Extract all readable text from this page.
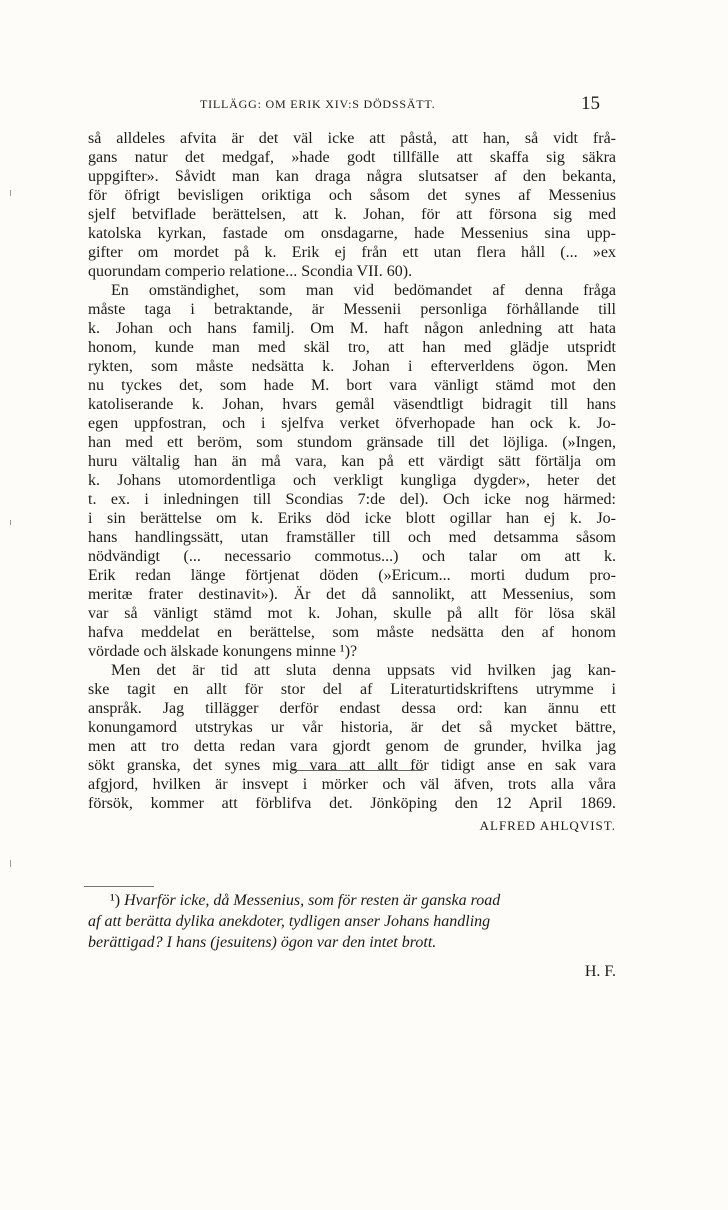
TILLÄGG: OM ERIK XIV:S DÖDSSÄTT.	15
så alldeles afvita är det väl icke att påstå, att han, så vidt frå-
gans natur det medgaf, »hade godt tillfälle att skaffa sig säkra
uppgifter». Såvidt man kan draga några slutsatser af den bekanta,
för öfrigt bevisligen oriktiga och såsom det synes af Messenius
sjelf betviflade berättelsen, att k. Johan, för att försona sig med
katolska kyrkan, fastade om onsdagarne, hade Messenius sina upp-
gifter om mordet på k. Erik ej från ett utan flera håll (... »ex
quorundam comperio relatione... Scondia VII. 60).
En omständighet, som man vid bedömandet af denna fråga
måste taga i betraktande, är Messenii personliga förhållande till
k. Johan och hans familj. Om M. haft någon anledning att hata
honom, kunde man med skäl tro, att han med glädje utspridt
rykten, som måste nedsätta k. Johan i efterverldens ögon. Men
nu tyckes det, som hade M. bort vara vänligt stämd mot den
katoliserande k. Johan, hvars gemål väsendtligt bidragit till hans
egen uppfostran, och i sjelfva verket öfverhopade han ock k. Jo-
han med ett beröm, som stundom gränsade till det löjliga. (»Ingen,
huru vältalig han än må vara, kan på ett värdigt sätt förtälja om
k. Johans utomordentliga och verkligt kungliga dygder», heter det
t. ex. i inledningen till Scondias 7:de del). Och icke nog härmed:
i sin berättelse om k. Eriks död icke blott ogillar han ej k. Jo-
hans handlingssätt, utan framställer till och med detsamma såsom
nödvändigt (... necessario commotus...) och talar om att k.
Erik redan länge förtjenat döden (»Ericum... morti dudum pro-
meritæ frater destinavit»). Är det då sannolikt, att Messenius, som
var så vänligt stämd mot k. Johan, skulle på allt för lösa skäl
hafva meddelat en berättelse, som måste nedsätta den af honom
vördade och älskade konungens minne ¹)?
Men det är tid att sluta denna uppsats vid hvilken jag kan-
ske tagit en allt för stor del af Literaturtidskriftens utrymme i
anspråk. Jag tillägger derför endast dessa ord: kan ännu ett
konungamord utstrykas ur vår historia, är det så mycket bättre,
men att tro detta redan vara gjordt genom de grunder, hvilka jag
sökt granska, det synes mig vara att allt för tidigt anse en sak vara
afgjord, hvilken är insvept i mörker och väl äfven, trots alla våra
försök, kommer att förblifva det. Jönköping den 12 April 1869.
ALFRED AHLQVIST.
¹) Hvarför icke, då Messenius, som för resten är ganska road
af att berätta dylika anekdoter, tydligen anser Johans handling
berättigad? I hans (jesuitens) ögon var den intet brott.
H. F.
